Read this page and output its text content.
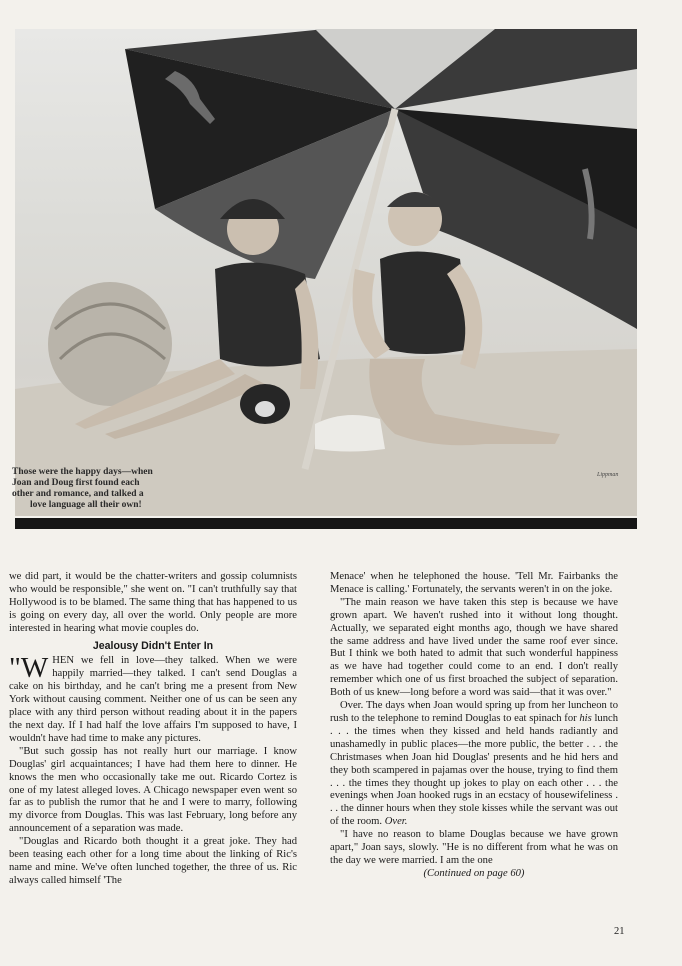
Those were the happy days—when
Joan and Doug first found each
other and romance, and talked a
love language all their own!
Lippman

we did part, it would be the chatter-writers and gossip columnists who would be responsible," she went on. "I can't truthfully say that Hollywood is to be blamed. The same thing that has happened to us is going on every day, all over the world. Only people are more interested in hearing what movie couples do.

Jealousy Didn't Enter In

"WHEN we fell in love—they talked. When we were happily married—they talked. I can't send Douglas a cake on his birthday, and he can't bring me a present from New York without causing comment. Neither one of us can be seen any place with any third person without reading about it in the papers the next day. If I had half the love affairs I'm supposed to have, I wouldn't have had time to make any pictures.

"But such gossip has not really hurt our marriage. I know Douglas' girl acquaintances; I have had them here to dinner. He knows the men who occasionally take me out. Ricardo Cortez is one of my latest alleged loves. A Chicago newspaper even went so far as to publish the rumor that he and I were to marry, following my divorce from Douglas. This was last February, long before any announcement of a separation was made.

"Douglas and Ricardo both thought it a great joke. They had been teasing each other for a long time about the linking of Ric's name and mine. We've often lunched together, the three of us. Ric always called himself 'The

Menace' when he telephoned the house. 'Tell Mr. Fairbanks the Menace is calling.' Fortunately, the servants weren't in on the joke.

"The main reason we have taken this step is because we have grown apart. We haven't rushed into it without long thought. Actually, we separated eight months ago, though we have shared the same address and have lived under the same roof ever since. But I think we both hated to admit that such wonderful happiness as we have had together could come to an end. I don't really remember which one of us first broached the subject of separation. Both of us knew—long before a word was said—that it was over."

Over. The days when Joan would spring up from her luncheon to rush to the telephone to remind Douglas to eat spinach for his lunch . . . the times when they kissed and held hands radiantly and unashamedly in public places—the more public, the better . . . the Christmases when Joan hid Douglas' presents and he hid hers and they both scampered in pajamas over the house, trying to find them . . . the times they thought up jokes to play on each other . . . the evenings when Joan hooked rugs in an ecstacy of housewifeliness . . . the dinner hours when they stole kisses while the servant was out of the room. Over.

"I have no reason to blame Douglas because we have grown apart," Joan says, slowly. "He is no different from what he was on the day we were married. I am the one

(Continued on page 60)

21
